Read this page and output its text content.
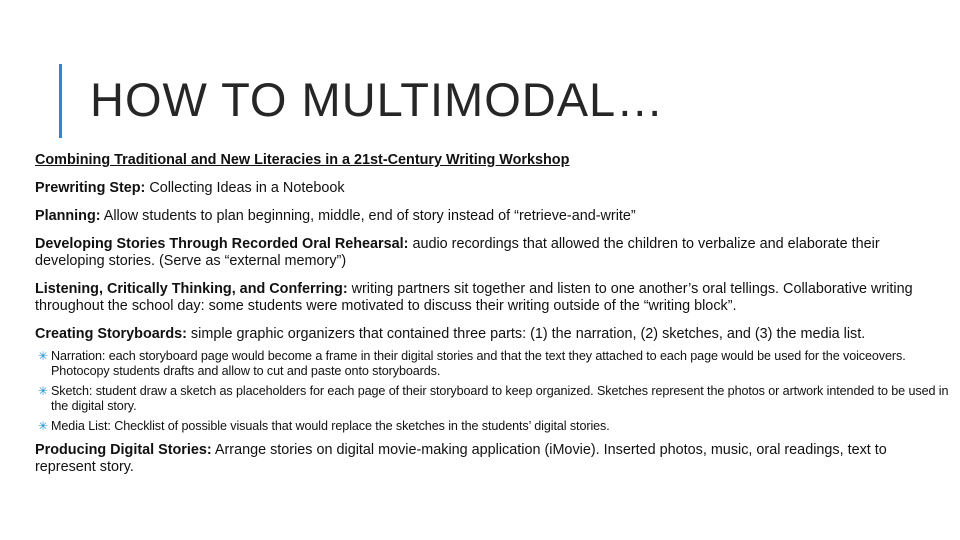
HOW TO MULTIMODAL…
Combining Traditional and New Literacies in a 21st-Century Writing Workshop

Prewriting Step: Collecting Ideas in a Notebook

Planning: Allow students to plan beginning, middle, end of story instead of “retrieve-and-write”

Developing Stories Through Recorded Oral Rehearsal: audio recordings that allowed the children to verbalize and elaborate their developing stories. (Serve as “external memory”)

Listening, Critically Thinking, and Conferring: writing partners sit together and listen to one another’s oral tellings. Collaborative writing throughout the school day: some students were motivated to discuss their writing outside of the “writing block”.

Creating Storyboards: simple graphic organizers that contained three parts: (1) the narration, (2) sketches, and (3) the media list.

✳ Narration: each storyboard page would become a frame in their digital stories and that the text they attached to each page would be used for the voiceovers. Photocopy students drafts and allow to cut and paste onto storyboards.
✳ Sketch: student draw a sketch as placeholders for each page of their storyboard to keep organized. Sketches represent the photos or artwork intended to be used in the digital story.
✳ Media List: Checklist of possible visuals that would replace the sketches in the students’ digital stories.

Producing Digital Stories: Arrange stories on digital movie-making application (iMovie). Inserted photos, music, oral readings, text to represent story.
